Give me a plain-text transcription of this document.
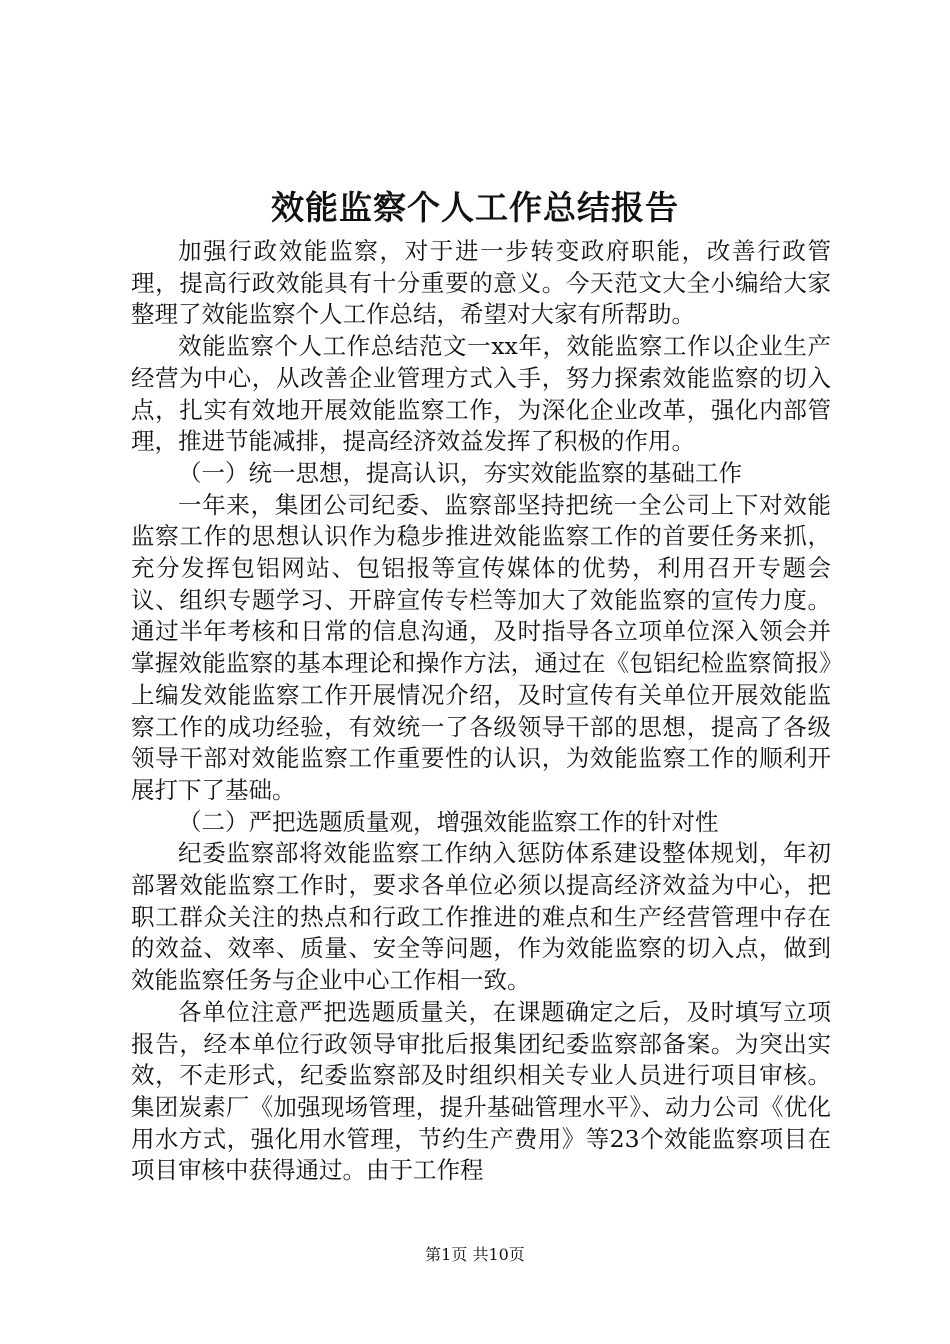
效能监察个人工作总结报告

加强行政效能监察，对于进一步转变政府职能，改善行政管理，提高行政效能具有十分重要的意义。今天范文大全小编给大家整理了效能监察个人工作总结，希望对大家有所帮助。

效能监察个人工作总结范文一xx年，效能监察工作以企业生产经营为中心，从改善企业管理方式入手，努力探索效能监察的切入点，扎实有效地开展效能监察工作，为深化企业改革，强化内部管理，推进节能减排，提高经济效益发挥了积极的作用。

（一）统一思想，提高认识，夯实效能监察的基础工作

一年来，集团公司纪委、监察部坚持把统一全公司上下对效能监察工作的思想认识作为稳步推进效能监察工作的首要任务来抓，充分发挥包铝网站、包铝报等宣传媒体的优势，利用召开专题会议、组织专题学习、开辟宣传专栏等加大了效能监察的宣传力度。通过半年考核和日常的信息沟通，及时指导各立项单位深入领会并掌握效能监察的基本理论和操作方法，通过在《包铝纪检监察简报》上编发效能监察工作开展情况介绍，及时宣传有关单位开展效能监察工作的成功经验，有效统一了各级领导干部的思想，提高了各级领导干部对效能监察工作重要性的认识，为效能监察工作的顺利开展打下了基础。

（二）严把选题质量观，增强效能监察工作的针对性

纪委监察部将效能监察工作纳入惩防体系建设整体规划，年初部署效能监察工作时，要求各单位必须以提高经济效益为中心，把职工群众关注的热点和行政工作推进的难点和生产经营管理中存在的效益、效率、质量、安全等问题，作为效能监察的切入点，做到效能监察任务与企业中心工作相一致。

各单位注意严把选题质量关，在课题确定之后，及时填写立项报告，经本单位行政领导审批后报集团纪委监察部备案。为突出实效，不走形式，纪委监察部及时组织相关专业人员进行项目审核。集团炭素厂《加强现场管理，提升基础管理水平》、动力公司《优化用水方式，强化用水管理，节约生产费用》等23个效能监察项目在项目审核中获得通过。由于工作程

第1页 共10页
